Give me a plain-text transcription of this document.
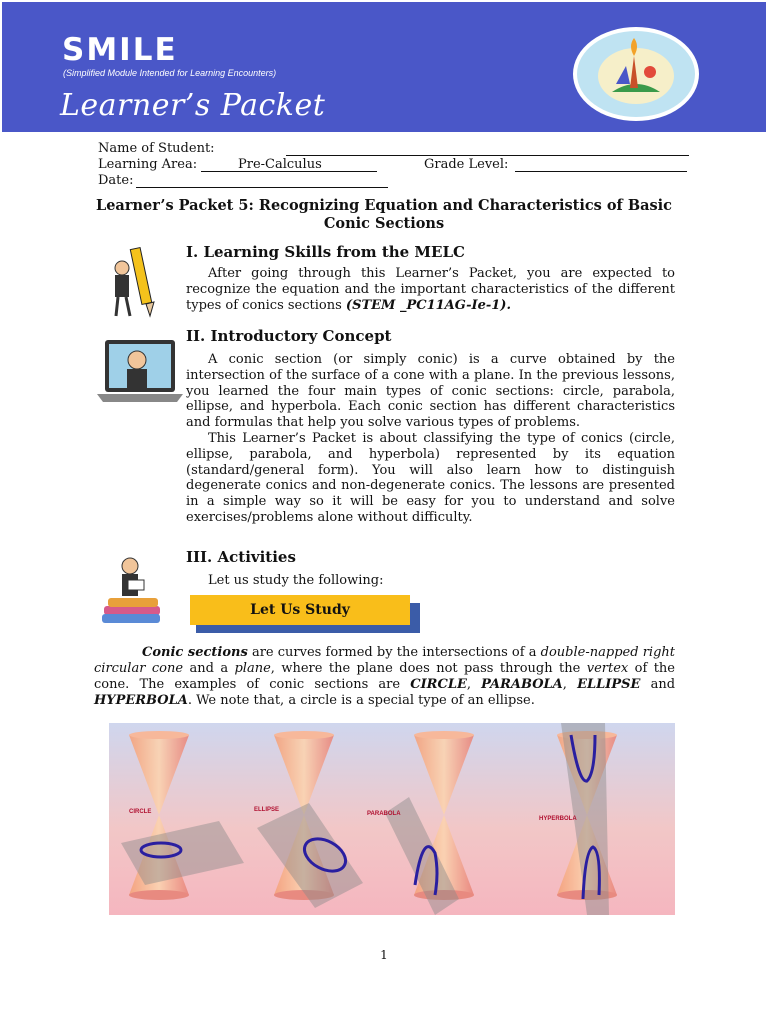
SMILE
(Simplified Module Intended for Learning Encounters)
Learner’s Packet
Name of Student:
Learning Area:	Pre-Calculus	Grade Level:
Date:
Learner’s Packet 5: Recognizing Equation and Characteristics of Basic Conic Sections
I. Learning Skills from the MELC

After going through this Learner’s Packet, you are expected to recognize the equation and the important characteristics of the different types of conics sections (STEM _PC11AG-Ie-1).

II. Introductory Concept

A conic section (or simply conic) is a curve obtained by the intersection of the surface of a cone with a plane. In the previous lessons, you learned the four main types of conic sections: circle, parabola, ellipse, and hyperbola. Each conic section has different characteristics and formulas that help you solve various types of problems.

This Learner’s Packet is about classifying the type of conics (circle, ellipse, parabola, and hyperbola) represented by its equation (standard/general form). You will also learn how to distinguish degenerate conics and non-degenerate conics. The lessons are presented in a simple way so it will be easy for you to understand and solve exercises/problems alone without difficulty.

III. Activities
Let us study the following:
Let Us Study
Conic sections are curves formed by the intersections of a double-napped right circular cone and a plane, where the plane does not pass through the vertex of the cone. The examples of conic sections are CIRCLE, PARABOLA, ELLIPSE and HYPERBOLA. We note that, a circle is a special type of an ellipse.
CIRCLE	ELLIPSE
PARABOLA
HYPERBOLA
1
